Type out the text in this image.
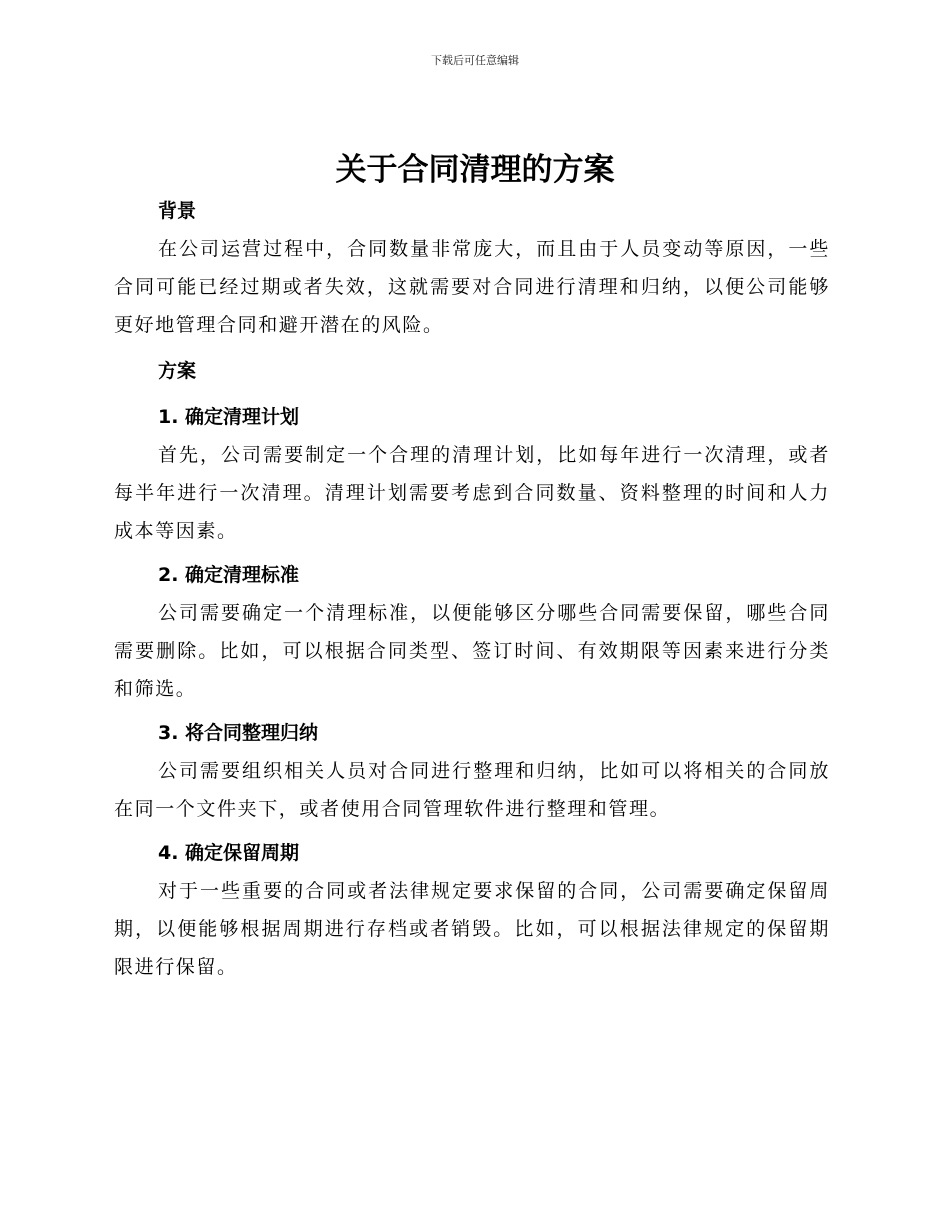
下载后可任意编辑
关于合同清理的方案
背景

在公司运营过程中，合同数量非常庞大，而且由于人员变动等原因，一些合同可能已经过期或者失效，这就需要对合同进行清理和归纳，以便公司能够更好地管理合同和避开潜在的风险。

方案
1. 确定清理计划

首先，公司需要制定一个合理的清理计划，比如每年进行一次清理，或者每半年进行一次清理。清理计划需要考虑到合同数量、资料整理的时间和人力成本等因素。

2. 确定清理标准

公司需要确定一个清理标准，以便能够区分哪些合同需要保留，哪些合同需要删除。比如，可以根据合同类型、签订时间、有效期限等因素来进行分类和筛选。

3. 将合同整理归纳

公司需要组织相关人员对合同进行整理和归纳，比如可以将相关的合同放在同一个文件夹下，或者使用合同管理软件进行整理和管理。

4. 确定保留周期

对于一些重要的合同或者法律规定要求保留的合同，公司需要确定保留周期，以便能够根据周期进行存档或者销毁。比如，可以根据法律规定的保留期限进行保留。
